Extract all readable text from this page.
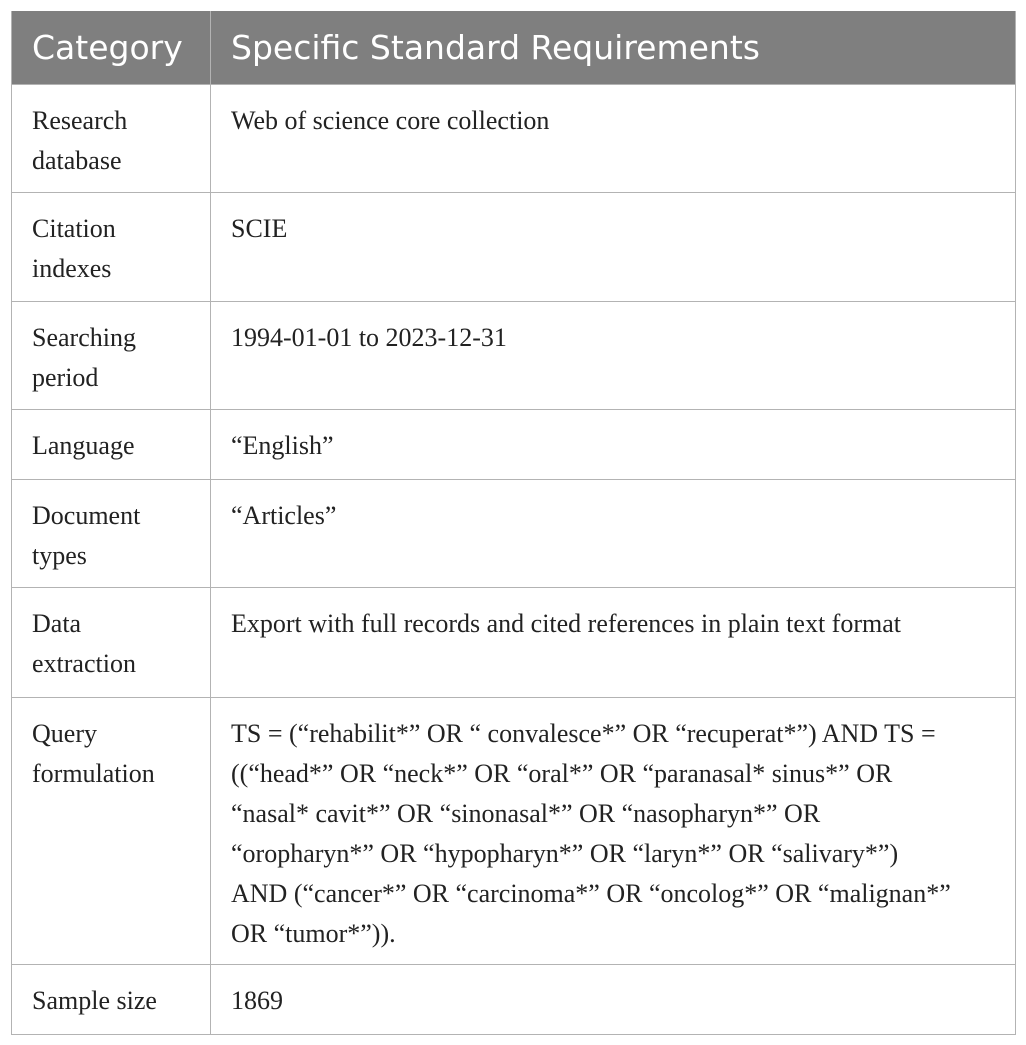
Category	Specific Standard Requirements
Research database	Web of science core collection
Citation indexes	SCIE
Searching period	1994-01-01 to 2023-12-31
Language	“English”
Document types	“Articles”
Data extraction	Export with full records and cited references in plain text format
Query formulation	TS = (“rehabilit*” OR “ convalesce*” OR “recuperat*”) AND TS = ((“head*” OR “neck*” OR “oral*” OR “paranasal* sinus*” OR “nasal* cavit*” OR “sinonasal*” OR “nasopharyn*” OR “oropharyn*” OR “hypopharyn*” OR “laryn*” OR “salivary*”) AND (“cancer*” OR “carcinoma*” OR “oncolog*” OR “malignan*” OR “tumor*”)).
Sample size	1869
